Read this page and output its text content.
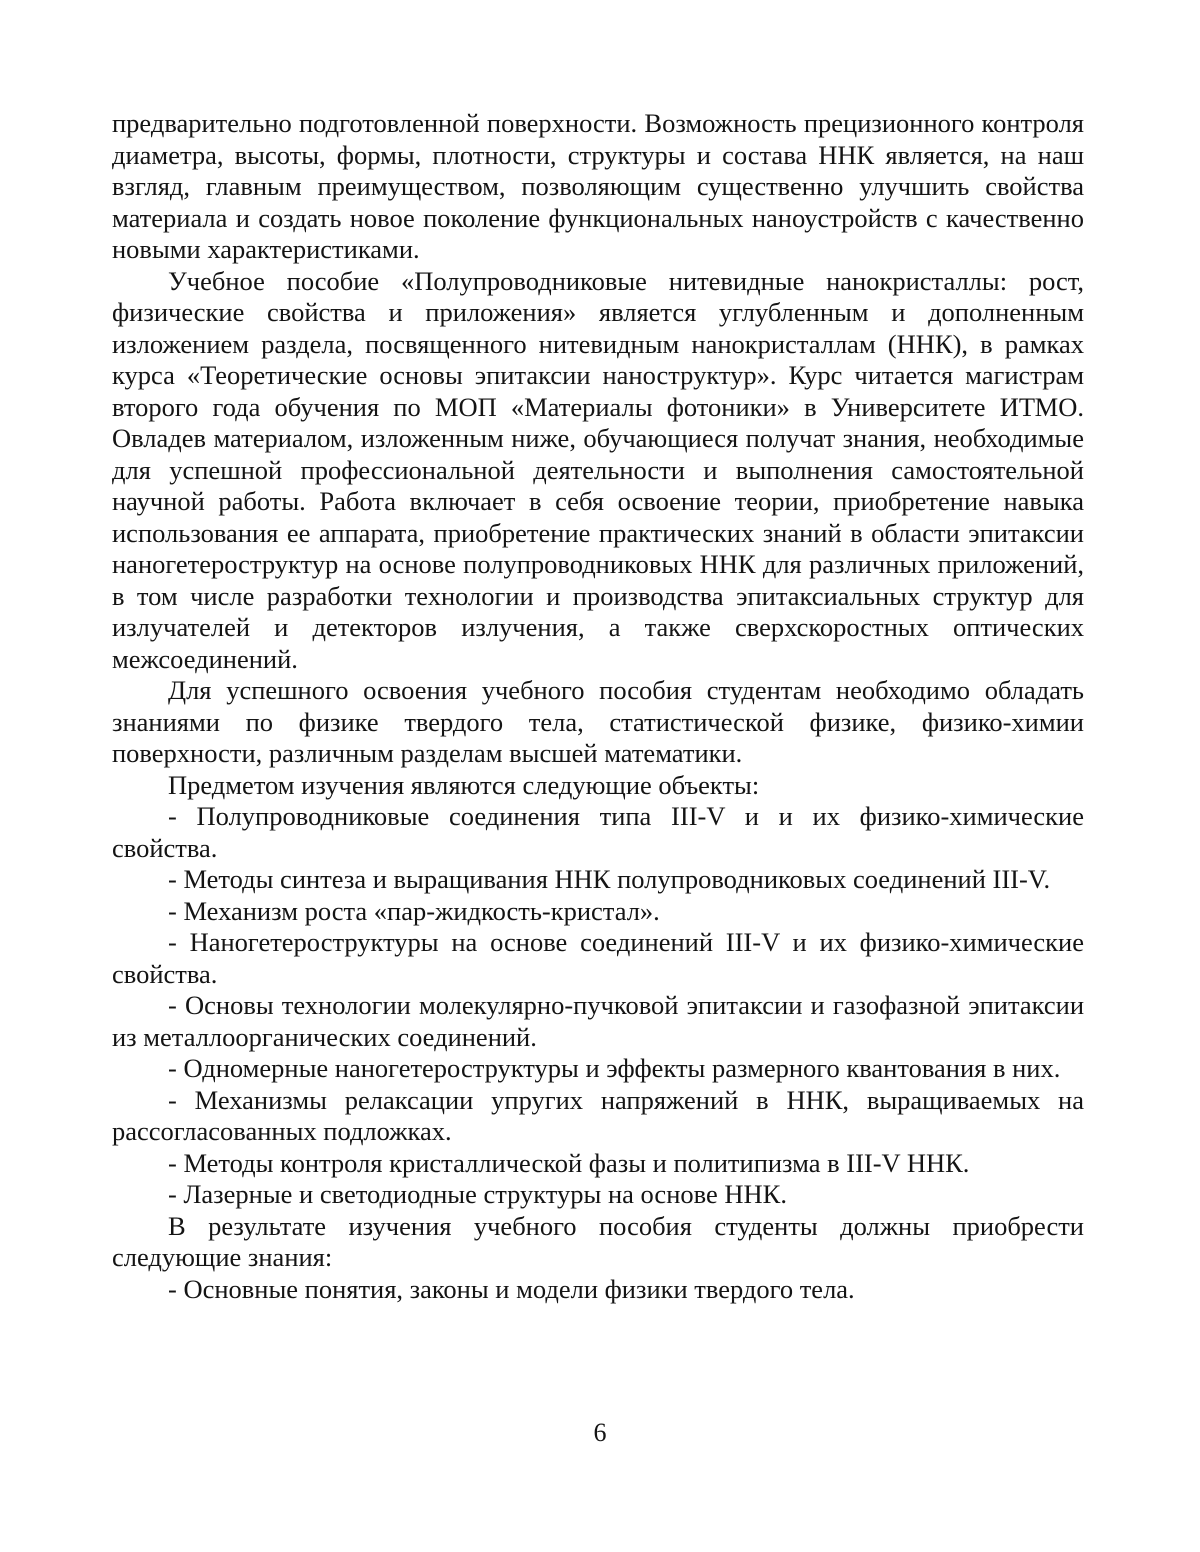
предварительно подготовленной поверхности. Возможность прецизионного контроля диаметра, высоты, формы, плотности, структуры и состава ННК является, на наш взгляд, главным преимуществом, позволяющим существенно улучшить свойства материала и создать новое поколение функциональных наноустройств с качественно новыми характеристиками.

Учебное пособие «Полупроводниковые нитевидные нанокристаллы: рост, физические свойства и приложения» является углубленным и дополненным изложением раздела, посвященного нитевидным нанокристаллам (ННК), в рамках курса «Теоретические основы эпитаксии наноструктур». Курс читается магистрам второго года обучения по МОП «Материалы фотоники» в Университете ИТМО. Овладев материалом, изложенным ниже, обучающиеся получат знания, необходимые для успешной профессиональной деятельности и выполнения самостоятельной научной работы. Работа включает в себя освоение теории, приобретение навыка использования ее аппарата, приобретение практических знаний в области эпитаксии наногетероструктур на основе полупроводниковых ННК для различных приложений, в том числе разработки технологии и производства эпитаксиальных структур для излучателей и детекторов излучения, а также сверхскоростных оптических межсоединений.

Для успешного освоения учебного пособия студентам необходимо обладать знаниями по физике твердого тела, статистической физике, физико-химии поверхности, различным разделам высшей математики.

Предметом изучения являются следующие объекты:

- Полупроводниковые соединения типа III-V и и их физико-химические свойства.

- Методы синтеза и выращивания ННК полупроводниковых соединений III-V.

- Механизм роста «пар-жидкость-кристал».

- Наногетероструктуры на основе соединений III-V и их физико-химические свойства.

- Основы технологии молекулярно-пучковой эпитаксии и газофазной эпитаксии из металлоорганических соединений.

- Одномерные наногетероструктуры и эффекты размерного квантования в них.

- Механизмы релаксации упругих напряжений в ННК, выращиваемых на рассогласованных подложках.

- Методы контроля кристаллической фазы и политипизма в III-V ННК.

- Лазерные и светодиодные структуры на основе ННК.

В результате изучения учебного пособия студенты должны приобрести следующие знания:

- Основные понятия, законы и модели физики твердого тела.

6
